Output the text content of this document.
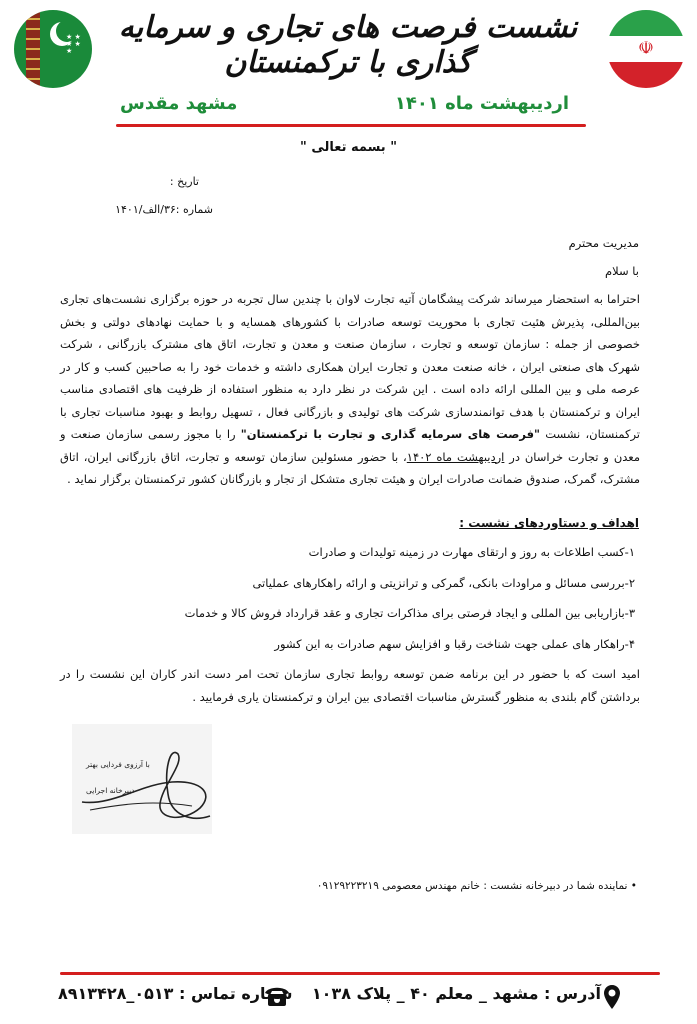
★ ★
★ ★
★	☫
نشست فرصت های تجاری و سرمایه گذاری با ترکمنستان
اردیبهشت ماه ۱۴۰۱
مشهد مقدس
" بسمه تعالی "
تاریخ :
شماره :۳۶/الف/۱۴۰۱
مدیریت محترم
با سلام
احتراما به استحضار میرساند شرکت پیشگامان آتیه تجارت لاوان با چندین سال تجربه در حوزه برگزاری نشست‌های تجاری بین‌المللی، پذیرش هئیت تجاری با محوریت توسعه صادرات با کشورهای همسایه و با حمایت نهادهای دولتی و بخش خصوصی از جمله : سازمان توسعه و تجارت ، سازمان صنعت و معدن و تجارت، اتاق های مشترک بازرگانی ، شرکت شهرک های صنعتی ایران ، خانه صنعت معدن و تجارت ایران همکاری داشته و خدمات خود را به صاحبین کسب و کار در عرصه ملی و بین المللی ارائه داده است . این شرکت در نظر دارد به منظور استفاده از ظرفیت های اقتصادی مناسب ایران و ترکمنستان با هدف توانمندسازی شرکت های تولیدی و بازرگانی فعال ، تسهیل روابط و بهبود مناسبات تجاری با ترکمنستان، نشست "فرصت های سرمایه گذاری و تجارت با ترکمنستان" را با مجوز رسمی سازمان صنعت و معدن و تجارت خراسان در اردیبهشت ماه ۱۴۰۲، با حضور مسئولین سازمان توسعه و تجارت، اتاق بازرگانی ایران، اتاق مشترک، گمرک، صندوق ضمانت صادرات ایران و هیئت تجاری متشکل از تجار و بازرگانان کشور ترکمنستان برگزار نماید .
اهداف و دستاوردهای نشست :
۱-کسب اطلاعات به روز و ارتقای مهارت در زمینه تولیدات و صادرات
۲-بررسی مسائل و مراودات بانکی، گمرکی و ترانزیتی و ارائه راهکارهای عملیاتی
۳-بازاریابی بین المللی و ایجاد فرصتی برای مذاکرات تجاری و عقد قرارداد فروش کالا و خدمات
۴-راهکار های عملی جهت شناخت رقبا و افزایش سهم صادرات به این کشور
امید است که با حضور در این برنامه ضمن توسعه روابط تجاری سازمان تحت امر دست اندر کاران این نشست را در برداشتن گام بلندی به منظور گسترش مناسبات اقتصادی بین ایران و ترکمنستان یاری فرمایید .
با آرزوی فردایی بهتر
دبیرخانه اجرایی
• نماینده شما در دبیرخانه نشست : خانم مهندس معصومی ۰۹۱۲۹۲۲۳۲۱۹
آدرس : مشهد _ معلم ۴۰ _ پلاک ۱۰۳۸
شماره تماس : ۰۵۱۳_۸۹۱۳۴۲۸
